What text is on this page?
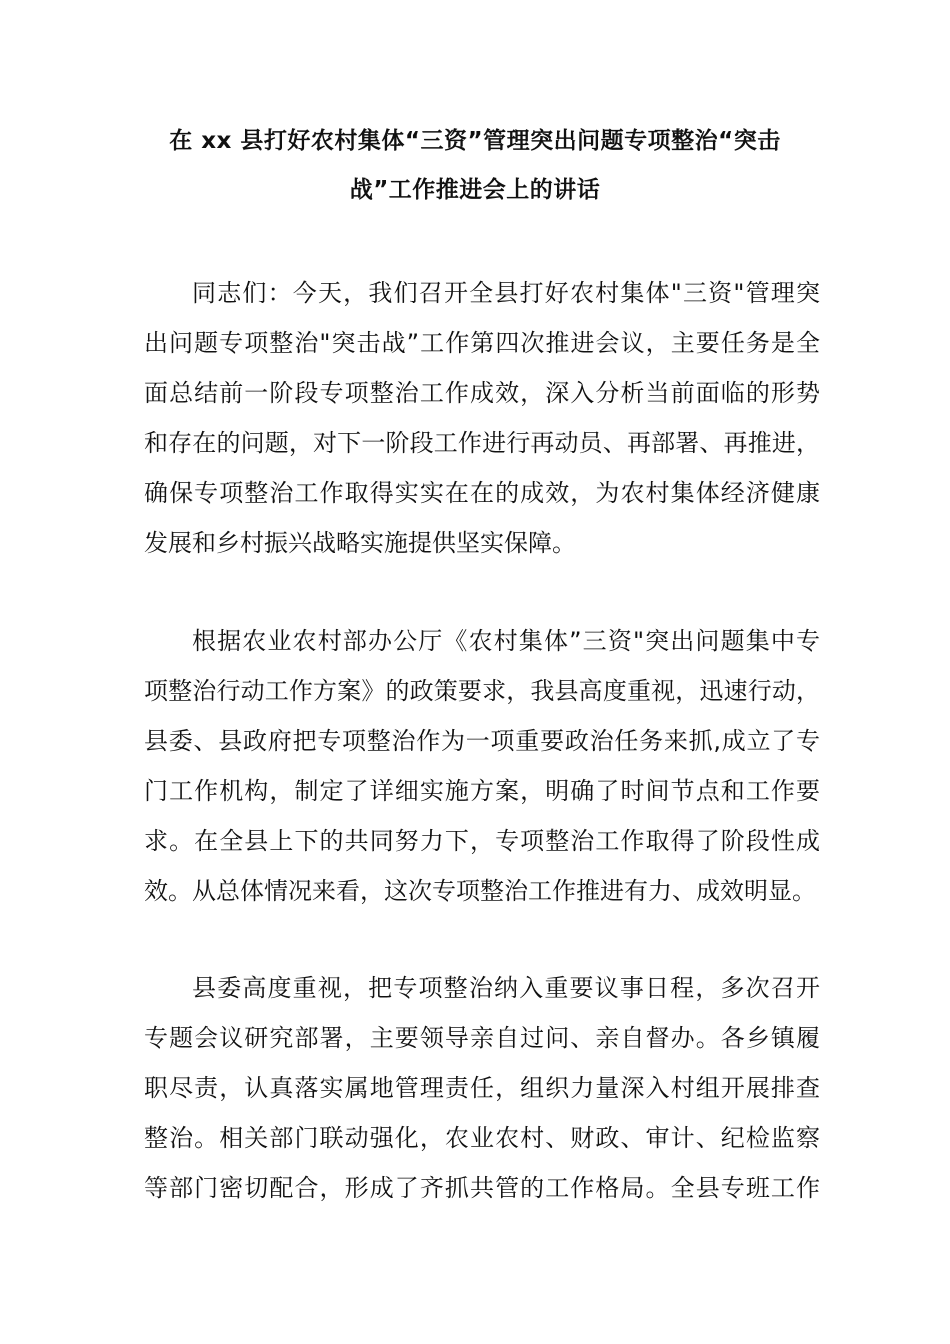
在 xx 县打好农村集体“三资”管理突出问题专项整治“突击
战”工作推进会上的讲话
同志们：今天，我们召开全县打好农村集体"三资"管理突
出问题专项整治"突击战”工作第四次推进会议，主要任务是全
面总结前一阶段专项整治工作成效，深入分析当前面临的形势
和存在的问题，对下一阶段工作进行再动员、再部署、再推进，
确保专项整治工作取得实实在在的成效，为农村集体经济健康
发展和乡村振兴战略实施提供坚实保障。
根据农业农村部办公厅《农村集体”三资"突出问题集中专
项整治行动工作方案》的政策要求，我县高度重视，迅速行动，
县委、县政府把专项整治作为一项重要政治任务来抓,成立了专
门工作机构，制定了详细实施方案，明确了时间节点和工作要
求。在全县上下的共同努力下，专项整治工作取得了阶段性成
效。从总体情况来看，这次专项整治工作推进有力、成效明显。
县委高度重视，把专项整治纳入重要议事日程，多次召开
专题会议研究部署，主要领导亲自过问、亲自督办。各乡镇履
职尽责，认真落实属地管理责任，组织力量深入村组开展排查
整治。相关部门联动强化，农业农村、财政、审计、纪检监察
等部门密切配合，形成了齐抓共管的工作格局。全县专班工作
